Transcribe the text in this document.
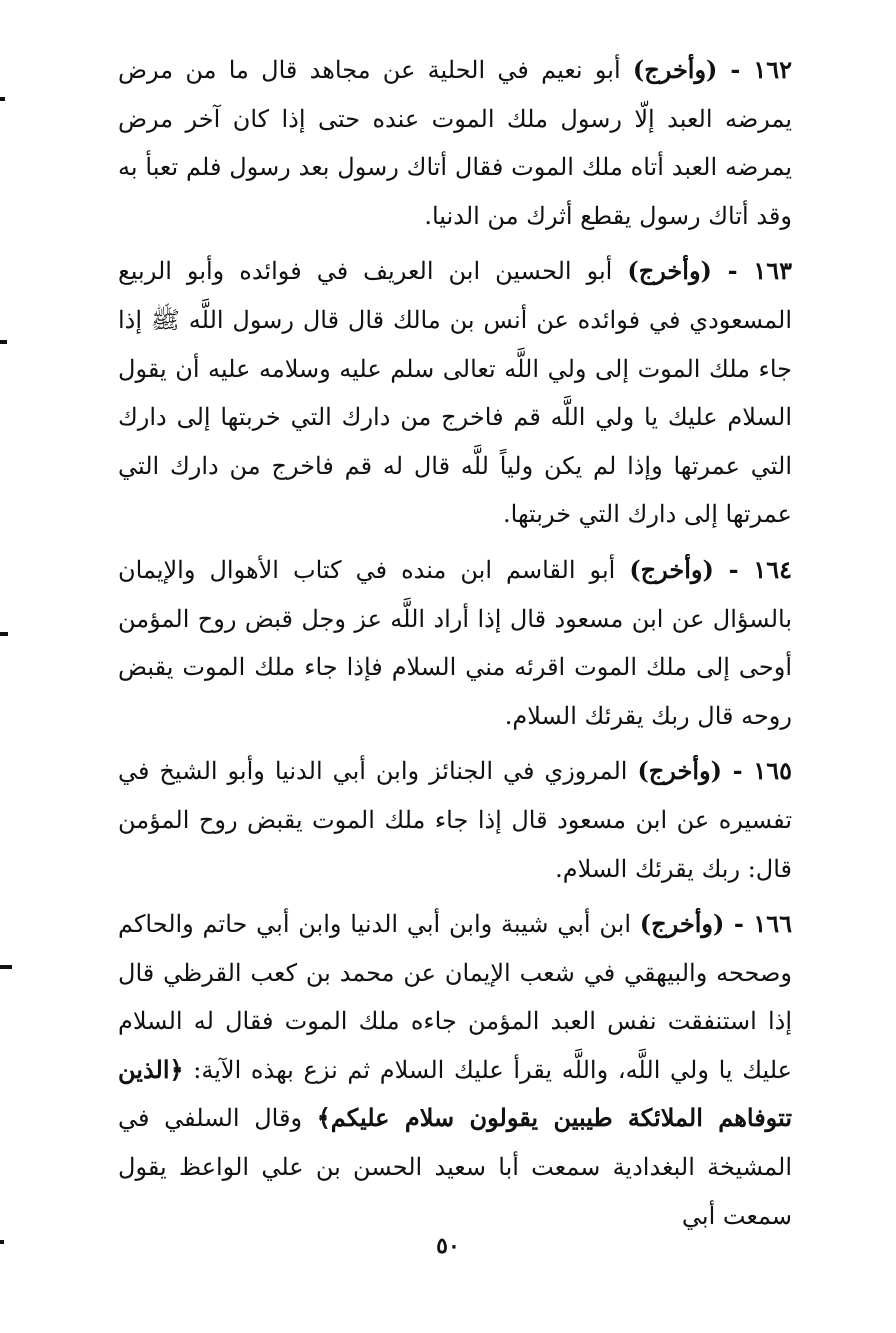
١٦٢ - (وأخرج) أبو نعيم في الحلية عن مجاهد قال ما من مرض يمرضه العبد إلّا رسول ملك الموت عنده حتى إذا كان آخر مرض يمرضه العبد أتاه ملك الموت فقال أتاك رسول بعد رسول فلم تعبأ به وقد أتاك رسول يقطع أثرك من الدنيا.

١٦٣ - (وأخرج) أبو الحسين ابن العريف في فوائده وأبو الربيع المسعودي في فوائده عن أنس بن مالك قال قال رسول اللَّه ﷺ إذا جاء ملك الموت إلى ولي اللَّه تعالى سلم عليه وسلامه عليه أن يقول السلام عليك يا ولي اللَّه قم فاخرج من دارك التي خربتها إلى دارك التي عمرتها وإذا لم يكن ولياً للَّه قال له قم فاخرج من دارك التي عمرتها إلى دارك التي خربتها.

١٦٤ - (وأخرج) أبو القاسم ابن منده في كتاب الأهوال والإيمان بالسؤال عن ابن مسعود قال إذا أراد اللَّه عز وجل قبض روح المؤمن أوحى إلى ملك الموت اقرئه مني السلام فإذا جاء ملك الموت يقبض روحه قال ربك يقرئك السلام.

١٦٥ - (وأخرج) المروزي في الجنائز وابن أبي الدنيا وأبو الشيخ في تفسيره عن ابن مسعود قال إذا جاء ملك الموت يقبض روح المؤمن قال: ربك يقرئك السلام.

١٦٦ - (وأخرج) ابن أبي شيبة وابن أبي الدنيا وابن أبي حاتم والحاكم وصححه والبيهقي في شعب الإيمان عن محمد بن كعب القرظي قال إذا استنفقت نفس العبد المؤمن جاءه ملك الموت فقال له السلام عليك يا ولي اللَّه، واللَّه يقرأ عليك السلام ثم نزع بهذه الآية: ﴿الذين تتوفاهم الملائكة طيبين يقولون سلام عليكم﴾ وقال السلفي في المشيخة البغدادية سمعت أبا سعيد الحسن بن علي الواعظ يقول سمعت أبي

٥٠
